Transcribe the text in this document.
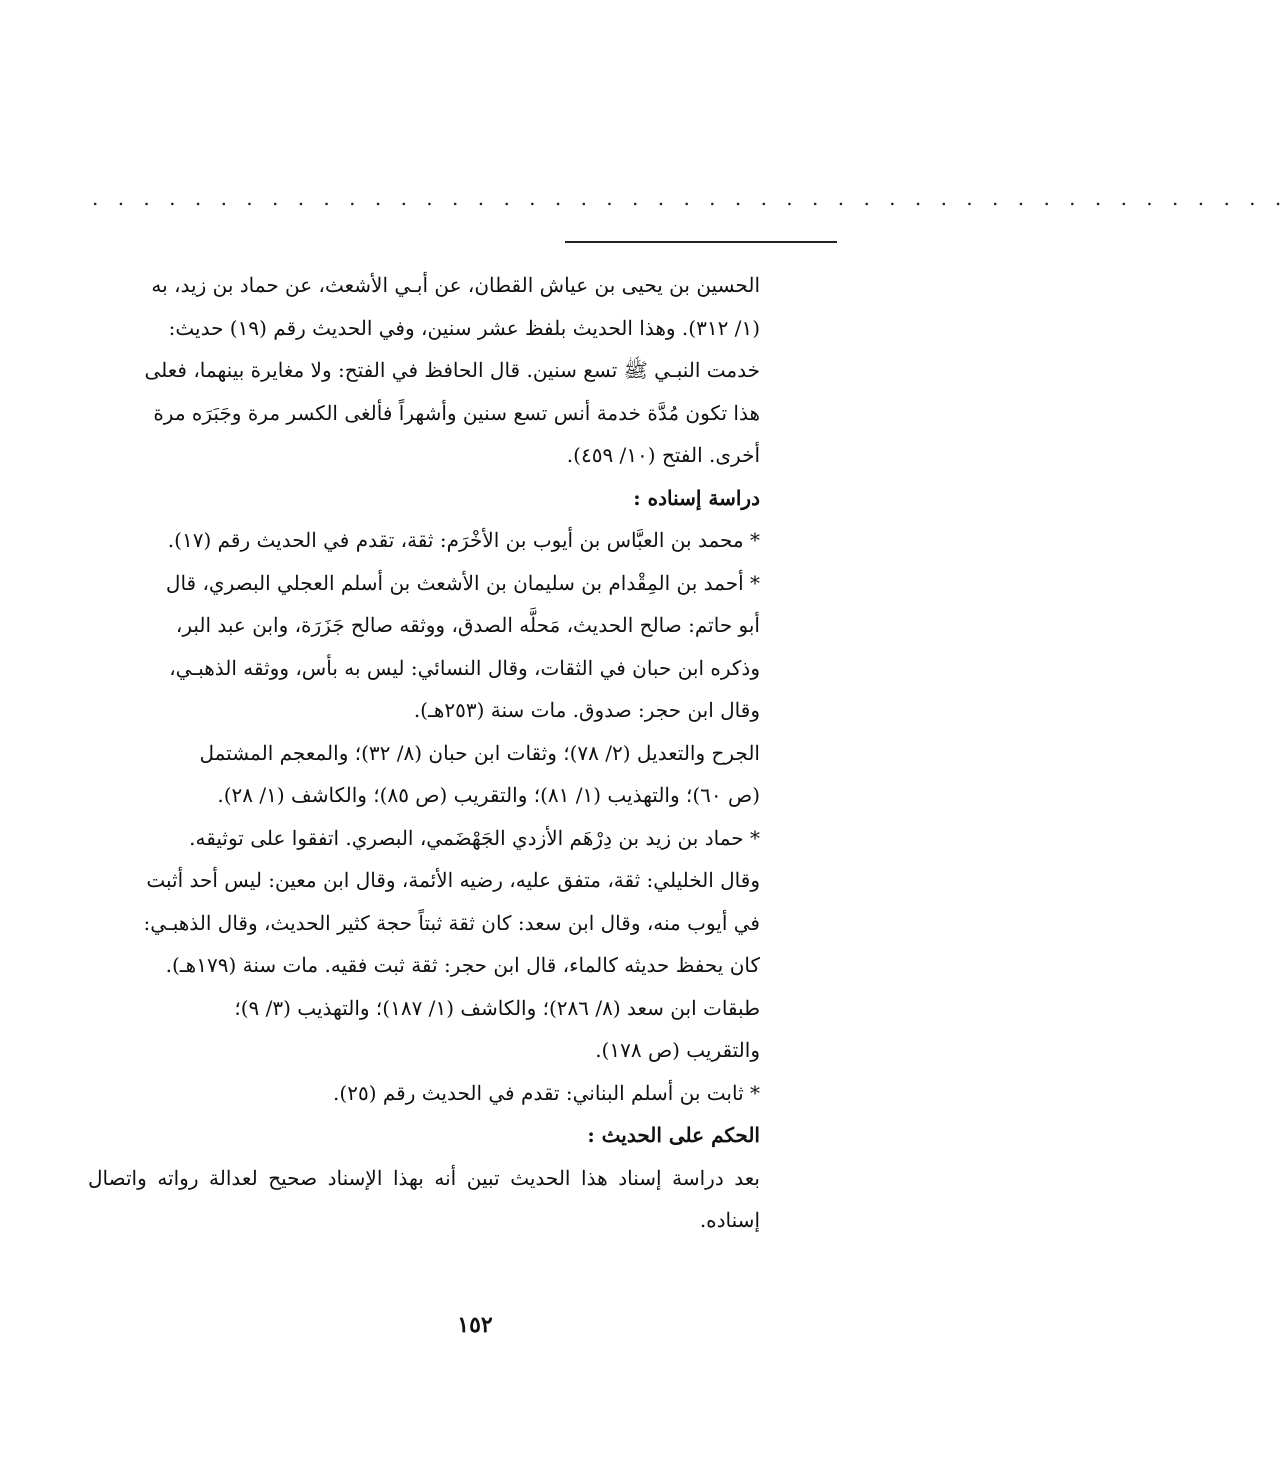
. . . . . . . . . . . . . . . . . . . . . . . . . . . . . . . . . . . . . . . . . . . . . . .

الحسين بن يحيى بن عياش القطان، عن أبـي الأشعث، عن حماد بن زيد، به

(١/ ٣١٢). وهذا الحديث بلفظ عشر سنين، وفي الحديث رقم (١٩) حديث:

خدمت النبـي ﷺ تسع سنين. قال الحافظ في الفتح: ولا مغايرة بينهما، فعلى

هذا تكون مُدَّة خدمة أنس تسع سنين وأشهراً فألغى الكسر مرة وجَبَرَه مرة

أخرى. الفتح (١٠/ ٤٥٩).

دراسة إسناده :

* محمد بن العبَّاس بن أيوب بن الأخْرَم: ثقة، تقدم في الحديث رقم (١٧).

* أحمد بن المِقْدام بن سليمان بن الأشعث بن أسلم العجلي البصري، قال

أبو حاتم: صالح الحديث، مَحلَّه الصدق، ووثقه صالح جَزَرَة، وابن عبد البر،

وذكره ابن حبان في الثقات، وقال النسائي: ليس به بأس، ووثقه الذهبـي،

وقال ابن حجر: صدوق. مات سنة (٢٥٣هـ).

الجرح والتعديل (٢/ ٧٨)؛ وثقات ابن حبان (٨/ ٣٢)؛ والمعجم المشتمل

(ص ٦٠)؛ والتهذيب (١/ ٨١)؛ والتقريب (ص ٨٥)؛ والكاشف (١/ ٢٨).

* حماد بن زيد بن دِرْهَم الأزدي الجَهْضَمي، البصري. اتفقوا على توثيقه.

وقال الخليلي: ثقة، متفق عليه، رضيه الأئمة، وقال ابن معين: ليس أحد أثبت

في أيوب منه، وقال ابن سعد: كان ثقة ثبتاً حجة كثير الحديث، وقال الذهبـي:

كان يحفظ حديثه كالماء، قال ابن حجر: ثقة ثبت فقيه. مات سنة (١٧٩هـ).

طبقات ابن سعد (٨/ ٢٨٦)؛ والكاشف (١/ ١٨٧)؛ والتهذيب (٣/ ٩)؛

والتقريب (ص ١٧٨).

* ثابت بن أسلم البناني: تقدم في الحديث رقم (٢٥).

الحكم على الحديث :

بعد دراسة إسناد هذا الحديث تبين أنه بهذا الإسناد صحيح لعدالة رواته واتصال إسناده.

١٥٢
